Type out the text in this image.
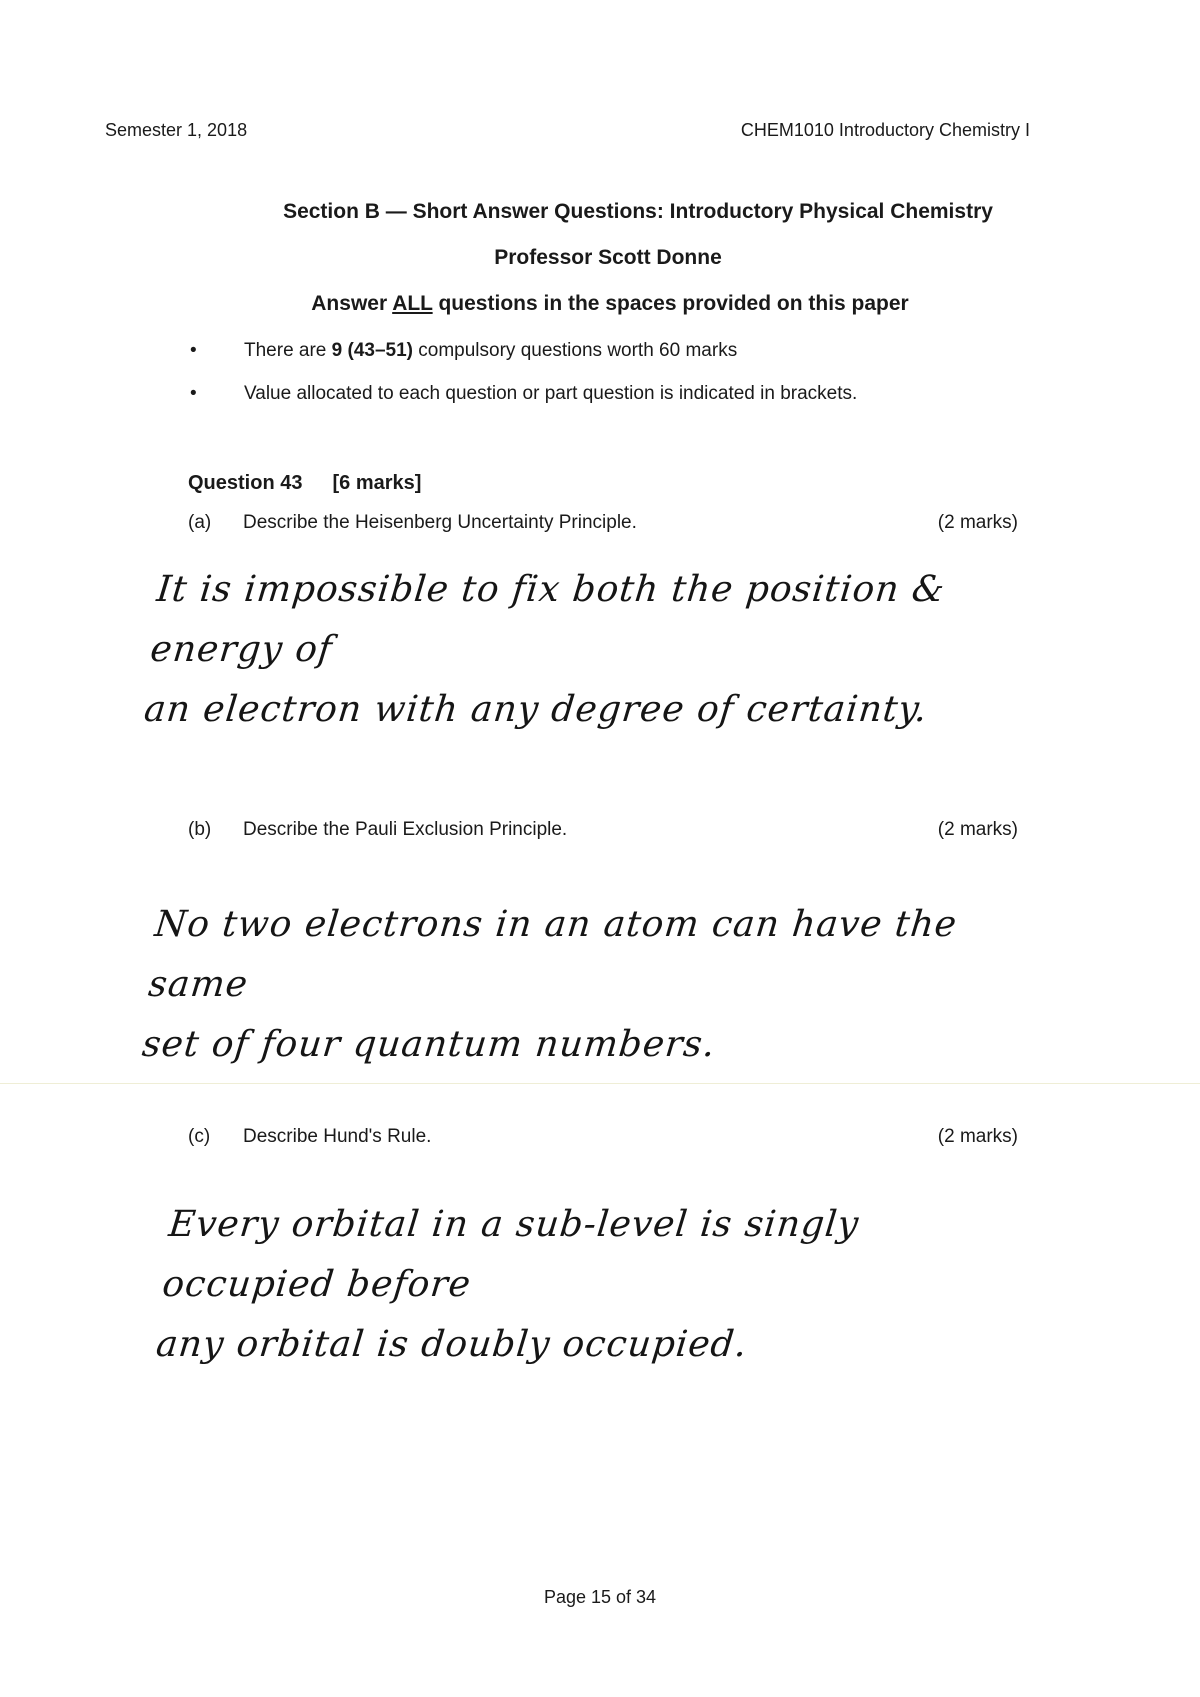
Semester 1, 2018	CHEM1010 Introductory Chemistry I
Section B — Short Answer Questions: Introductory Physical Chemistry
Professor Scott Donne
Answer ALL questions in the spaces provided on this paper
• There are 9 (43–51) compulsory questions worth 60 marks
• Value allocated to each question or part question is indicated in brackets.
Question 43 [6 marks]
(a) Describe the Heisenberg Uncertainty Principle.	(2 marks)
It is impossible to fix both the position & energy of
an electron with any degree of certainty.
(b) Describe the Pauli Exclusion Principle.	(2 marks)
No two electrons in an atom can have the same
set of four quantum numbers.
(c) Describe Hund's Rule.	(2 marks)
Every orbital in a sub-level is singly occupied before
any orbital is doubly occupied.
Page 15 of 34
